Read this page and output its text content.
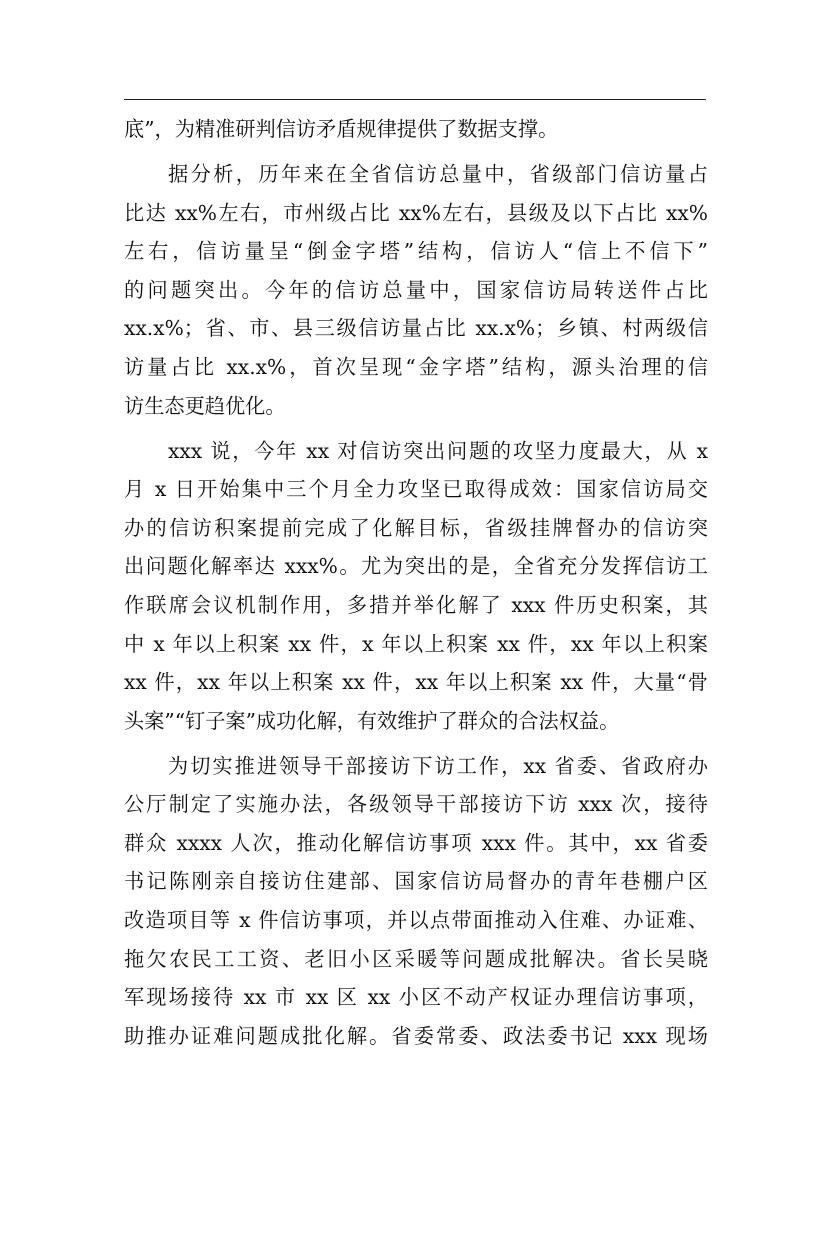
底”，为精准研判信访矛盾规律提供了数据支撑。
据分析，历年来在全省信访总量中，省级部门信访量占
比达 xx%左右，市州级占比 xx%左右，县级及以下占比 xx%
左右，信访量呈“倒金字塔”结构，信访人“信上不信下”
的问题突出。今年的信访总量中，国家信访局转送件占比
xx.x%；省、市、县三级信访量占比 xx.x%；乡镇、村两级信
访量占比 xx.x%，首次呈现“金字塔”结构，源头治理的信
访生态更趋优化。
xxx 说，今年 xx 对信访突出问题的攻坚力度最大，从 x
月 x 日开始集中三个月全力攻坚已取得成效：国家信访局交
办的信访积案提前完成了化解目标，省级挂牌督办的信访突
出问题化解率达 xxx%。尤为突出的是，全省充分发挥信访工
作联席会议机制作用，多措并举化解了 xxx 件历史积案，其
中 x 年以上积案 xx 件，x 年以上积案 xx 件，xx 年以上积案
xx 件，xx 年以上积案 xx 件，xx 年以上积案 xx 件，大量“骨
头案”“钉子案”成功化解，有效维护了群众的合法权益。
为切实推进领导干部接访下访工作，xx 省委、省政府办
公厅制定了实施办法，各级领导干部接访下访 xxx 次，接待
群众 xxxx 人次，推动化解信访事项 xxx 件。其中，xx 省委
书记陈刚亲自接访住建部、国家信访局督办的青年巷棚户区
改造项目等 x 件信访事项，并以点带面推动入住难、办证难、
拖欠农民工工资、老旧小区采暖等问题成批解决。省长吴晓
军现场接待 xx 市 xx 区 xx 小区不动产权证办理信访事项，
助推办证难问题成批化解。省委常委、政法委书记 xxx 现场
